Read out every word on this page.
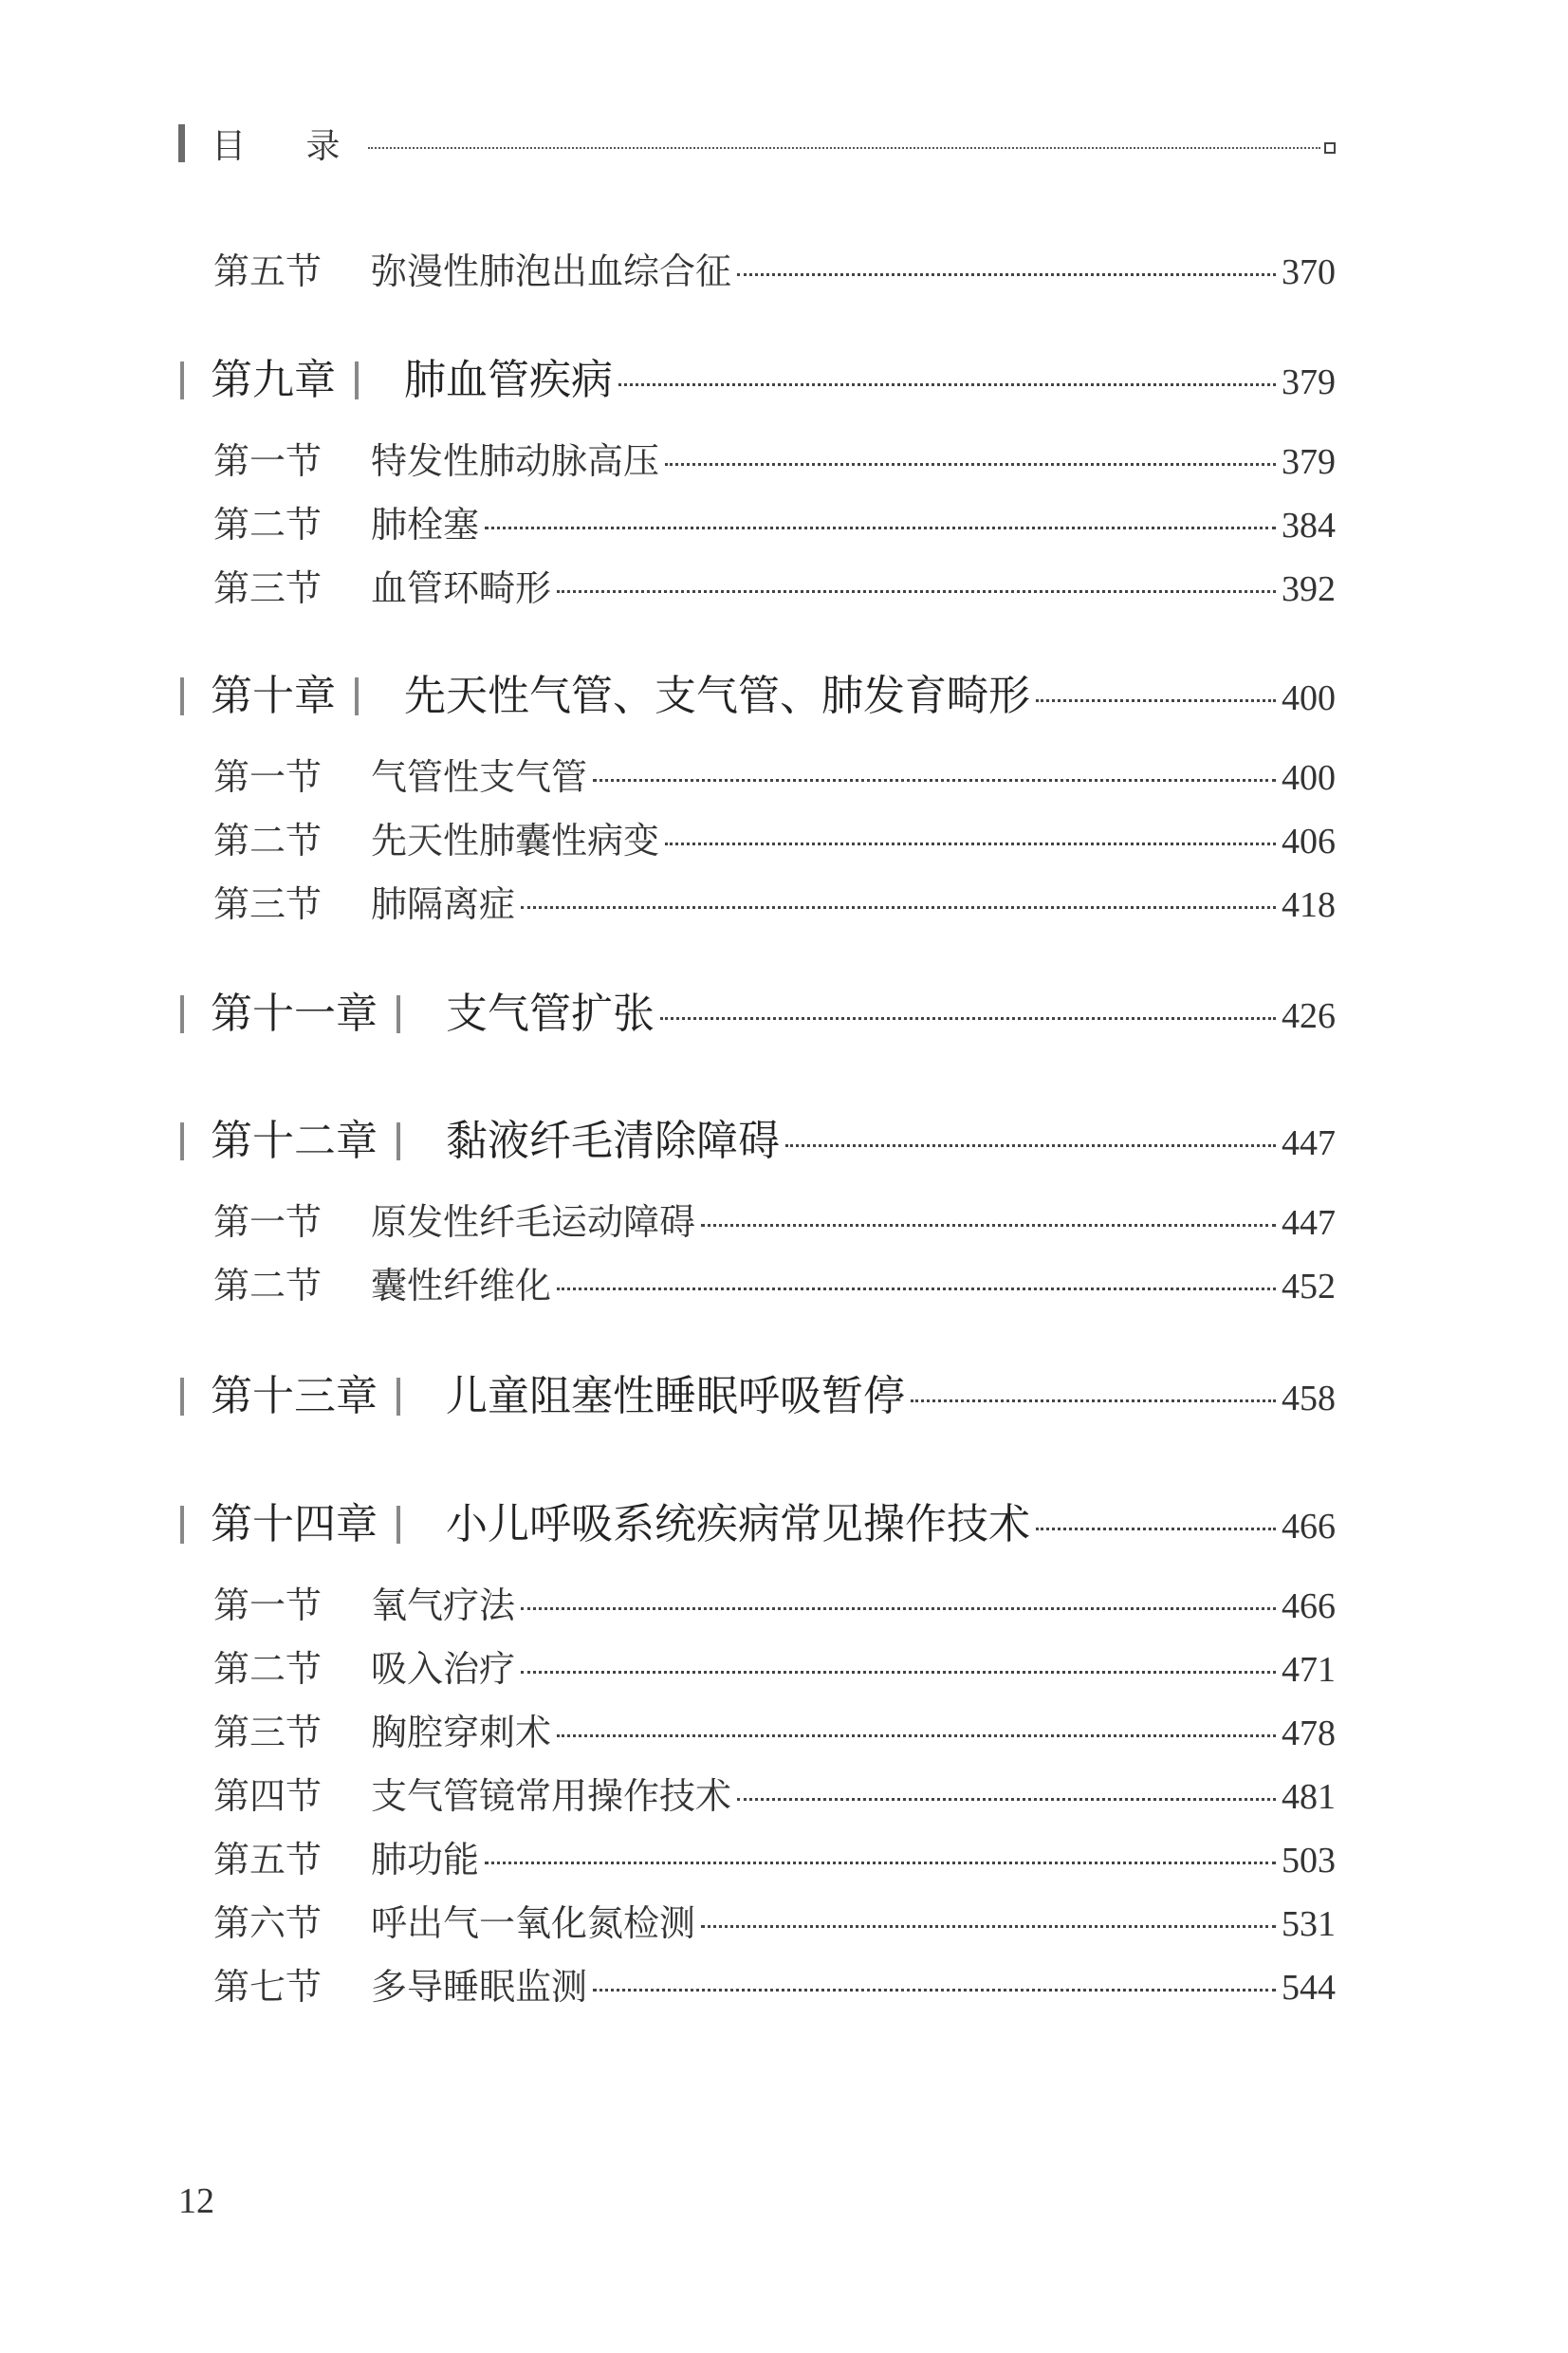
目 录
第五节	弥漫性肺泡出血综合征	370
第九章 肺血管疾病	379
第一节	特发性肺动脉高压	379
第二节	肺栓塞	384
第三节	血管环畸形	392
第十章 先天性气管、支气管、肺发育畸形	400
第一节	气管性支气管	400
第二节	先天性肺囊性病变	406
第三节	肺隔离症	418
第十一章 支气管扩张	426
第十二章 黏液纤毛清除障碍	447
第一节	原发性纤毛运动障碍	447
第二节	囊性纤维化	452
第十三章 儿童阻塞性睡眠呼吸暂停	458
第十四章 小儿呼吸系统疾病常见操作技术	466
第一节	氧气疗法	466
第二节	吸入治疗	471
第三节	胸腔穿刺术	478
第四节	支气管镜常用操作技术	481
第五节	肺功能	503
第六节	呼出气一氧化氮检测	531
第七节	多导睡眠监测	544
12
